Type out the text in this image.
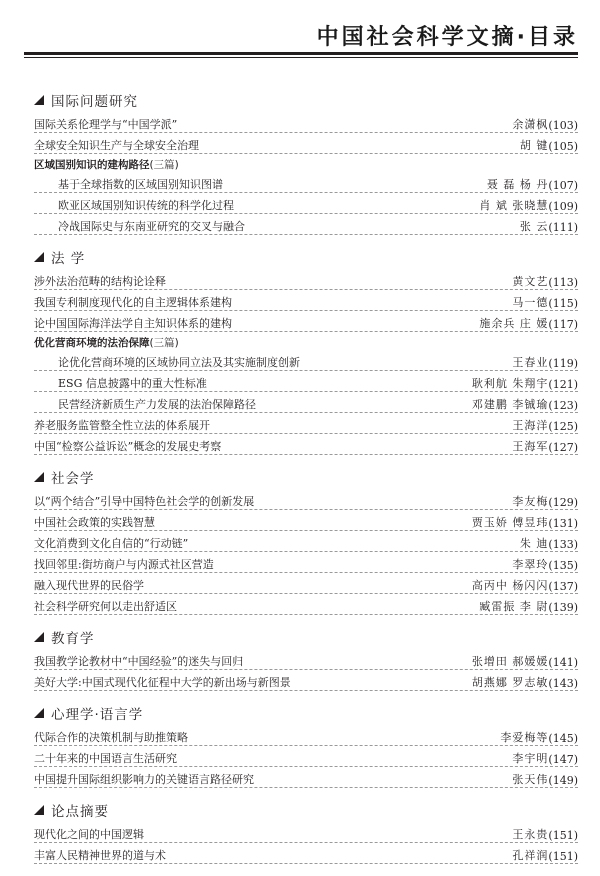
中国社会科学文摘·目录
国际问题研究
国际关系伦理学与“中国学派”	余潇枫 (103)
全球安全知识生产与全球安全治理	胡 键 (105)
区域国别知识的建构路径 (三篇)
基于全球指数的区域国别知识图谱	聂 磊 杨 丹 (107)
欧亚区域国别知识传统的科学化过程	肖 斌 张晓慧 (109)
冷战国际史与东南亚研究的交叉与融合	张 云 (111)
法 学
涉外法治范畴的结构论诠释	黄文艺 (113)
我国专利制度现代化的自主逻辑体系建构	马一德 (115)
论中国国际海洋法学自主知识体系的建构	施余兵 庄 媛 (117)
优化营商环境的法治保障 (三篇)
论优化营商环境的区域协同立法及其实施制度创新	王春业 (119)
ESG 信息披露中的重大性标准	耿利航 朱翔宇 (121)
民营经济新质生产力发展的法治保障路径	邓建鹏 李铖瑜 (123)
养老服务监管整全性立法的体系展开	王海洋 (125)
中国“检察公益诉讼”概念的发展史考察	王海军 (127)
社会学
以“两个结合”引导中国特色社会学的创新发展	李友梅 (129)
中国社会政策的实践智慧	贾玉娇 傅昱玮 (131)
文化消费到文化自信的“行动链”	朱 迪 (133)
找回邻里:街坊商户与内源式社区营造	李翠玲 (135)
融入现代世界的民俗学	高丙中 杨闪闪 (137)
社会科学研究何以走出舒适区	臧雷振 李 尉 (139)
教育学
我国教学论教材中“中国经验”的迷失与回归	张增田 郝媛媛 (141)
美好大学:中国式现代化征程中大学的新出场与新图景	胡燕娜 罗志敏 (143)
心理学·语言学
代际合作的决策机制与助推策略	李爱梅等 (145)
二十年来的中国语言生活研究	李宇明 (147)
中国提升国际组织影响力的关键语言路径研究	张天伟 (149)
论点摘要
现代化之间的中国逻辑	王永贵 (151)
丰富人民精神世界的道与术	孔祥润 (151)
